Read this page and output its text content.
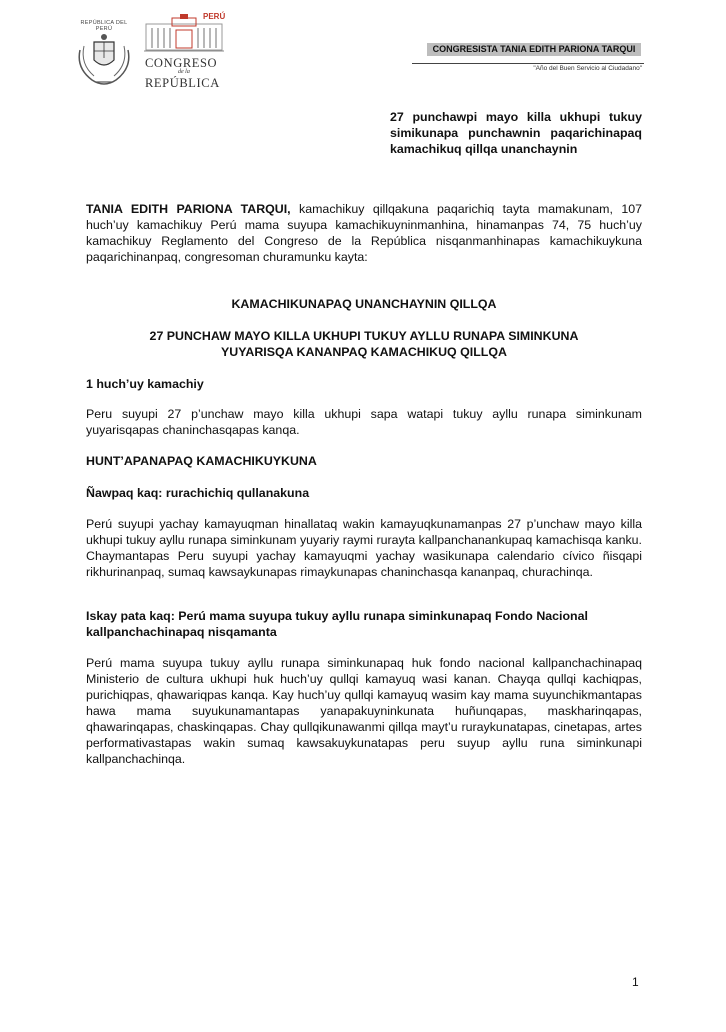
REPÚBLICA DEL PERÚ
PERÚ
CONGRESO
de la
REPÚBLICA
CONGRESISTA TANIA EDITH PARIONA TARQUI
"Año del Buen Servicio al Ciudadano"
27 punchawpi mayo killa ukhupi tukuy simikunapa punchawnin paqarichinapaq kamachikuq qillqa unanchaynin
TANIA EDITH PARIONA TARQUI, kamachikuy qillqakuna paqarichiq tayta mamakunam, 107 huch’uy kamachikuy Perú mama suyupa kamachikuyninmanhina, hinamanpas 74, 75 huch’uy kamachikuy Reglamento del Congreso de la República nisqanmanhinapas kamachikuykuna paqarichinanpaq, congresoman churamunku kayta:
KAMACHIKUNAPAQ UNANCHAYNIN QILLQA
27 PUNCHAW MAYO KILLA UKHUPI TUKUY AYLLU RUNAPA SIMINKUNA
YUYARISQA KANANPAQ KAMACHIKUQ QILLQA
1 huch’uy kamachiy
Peru suyupi 27 p’unchaw mayo killa ukhupi sapa watapi tukuy ayllu runapa siminkunam yuyarisqapas chaninchasqapas kanqa.
HUNT’APANAPAQ KAMACHIKUYKUNA
Ñawpaq kaq: rurachichiq qullanakuna
Perú suyupi yachay kamayuqman hinallataq wakin kamayuqkunamanpas 27 p’unchaw mayo killa ukhupi tukuy ayllu runapa siminkunam yuyariy raymi rurayta kallpanchanankupaq kamachisqa kanku. Chaymantapas Peru suyupi yachay kamayuqmi yachay wasikunapa calendario cívico ñisqapi rikhurinanpaq, sumaq kawsaykunapas rimaykunapas chaninchasqa kananpaq, churachinqa.
Iskay pata kaq: Perú mama suyupa tukuy ayllu runapa siminkunapaq Fondo Nacional kallpanchachinapaq nisqamanta
Perú mama suyupa tukuy ayllu runapa siminkunapaq huk fondo nacional kallpanchachinapaq Ministerio de cultura ukhupi huk huch’uy qullqi kamayuq wasi kanan. Chayqa qullqi kachiqpas, purichiqpas, qhawariqpas kanqa. Kay huch’uy qullqi kamayuq wasim kay mama suyunchikmantapas hawa mama suyukunamantapas yanapakuyninkunata huñunqapas, maskharinqapas, qhawarinqapas, chaskinqapas. Chay qullqikunawanmi qillqa mayt’u ruraykunatapas, cinetapas, artes performativastapas wakin sumaq kawsakuykunatapas peru suyup ayllu runa siminkunapi kallpanchachinqa.
1
